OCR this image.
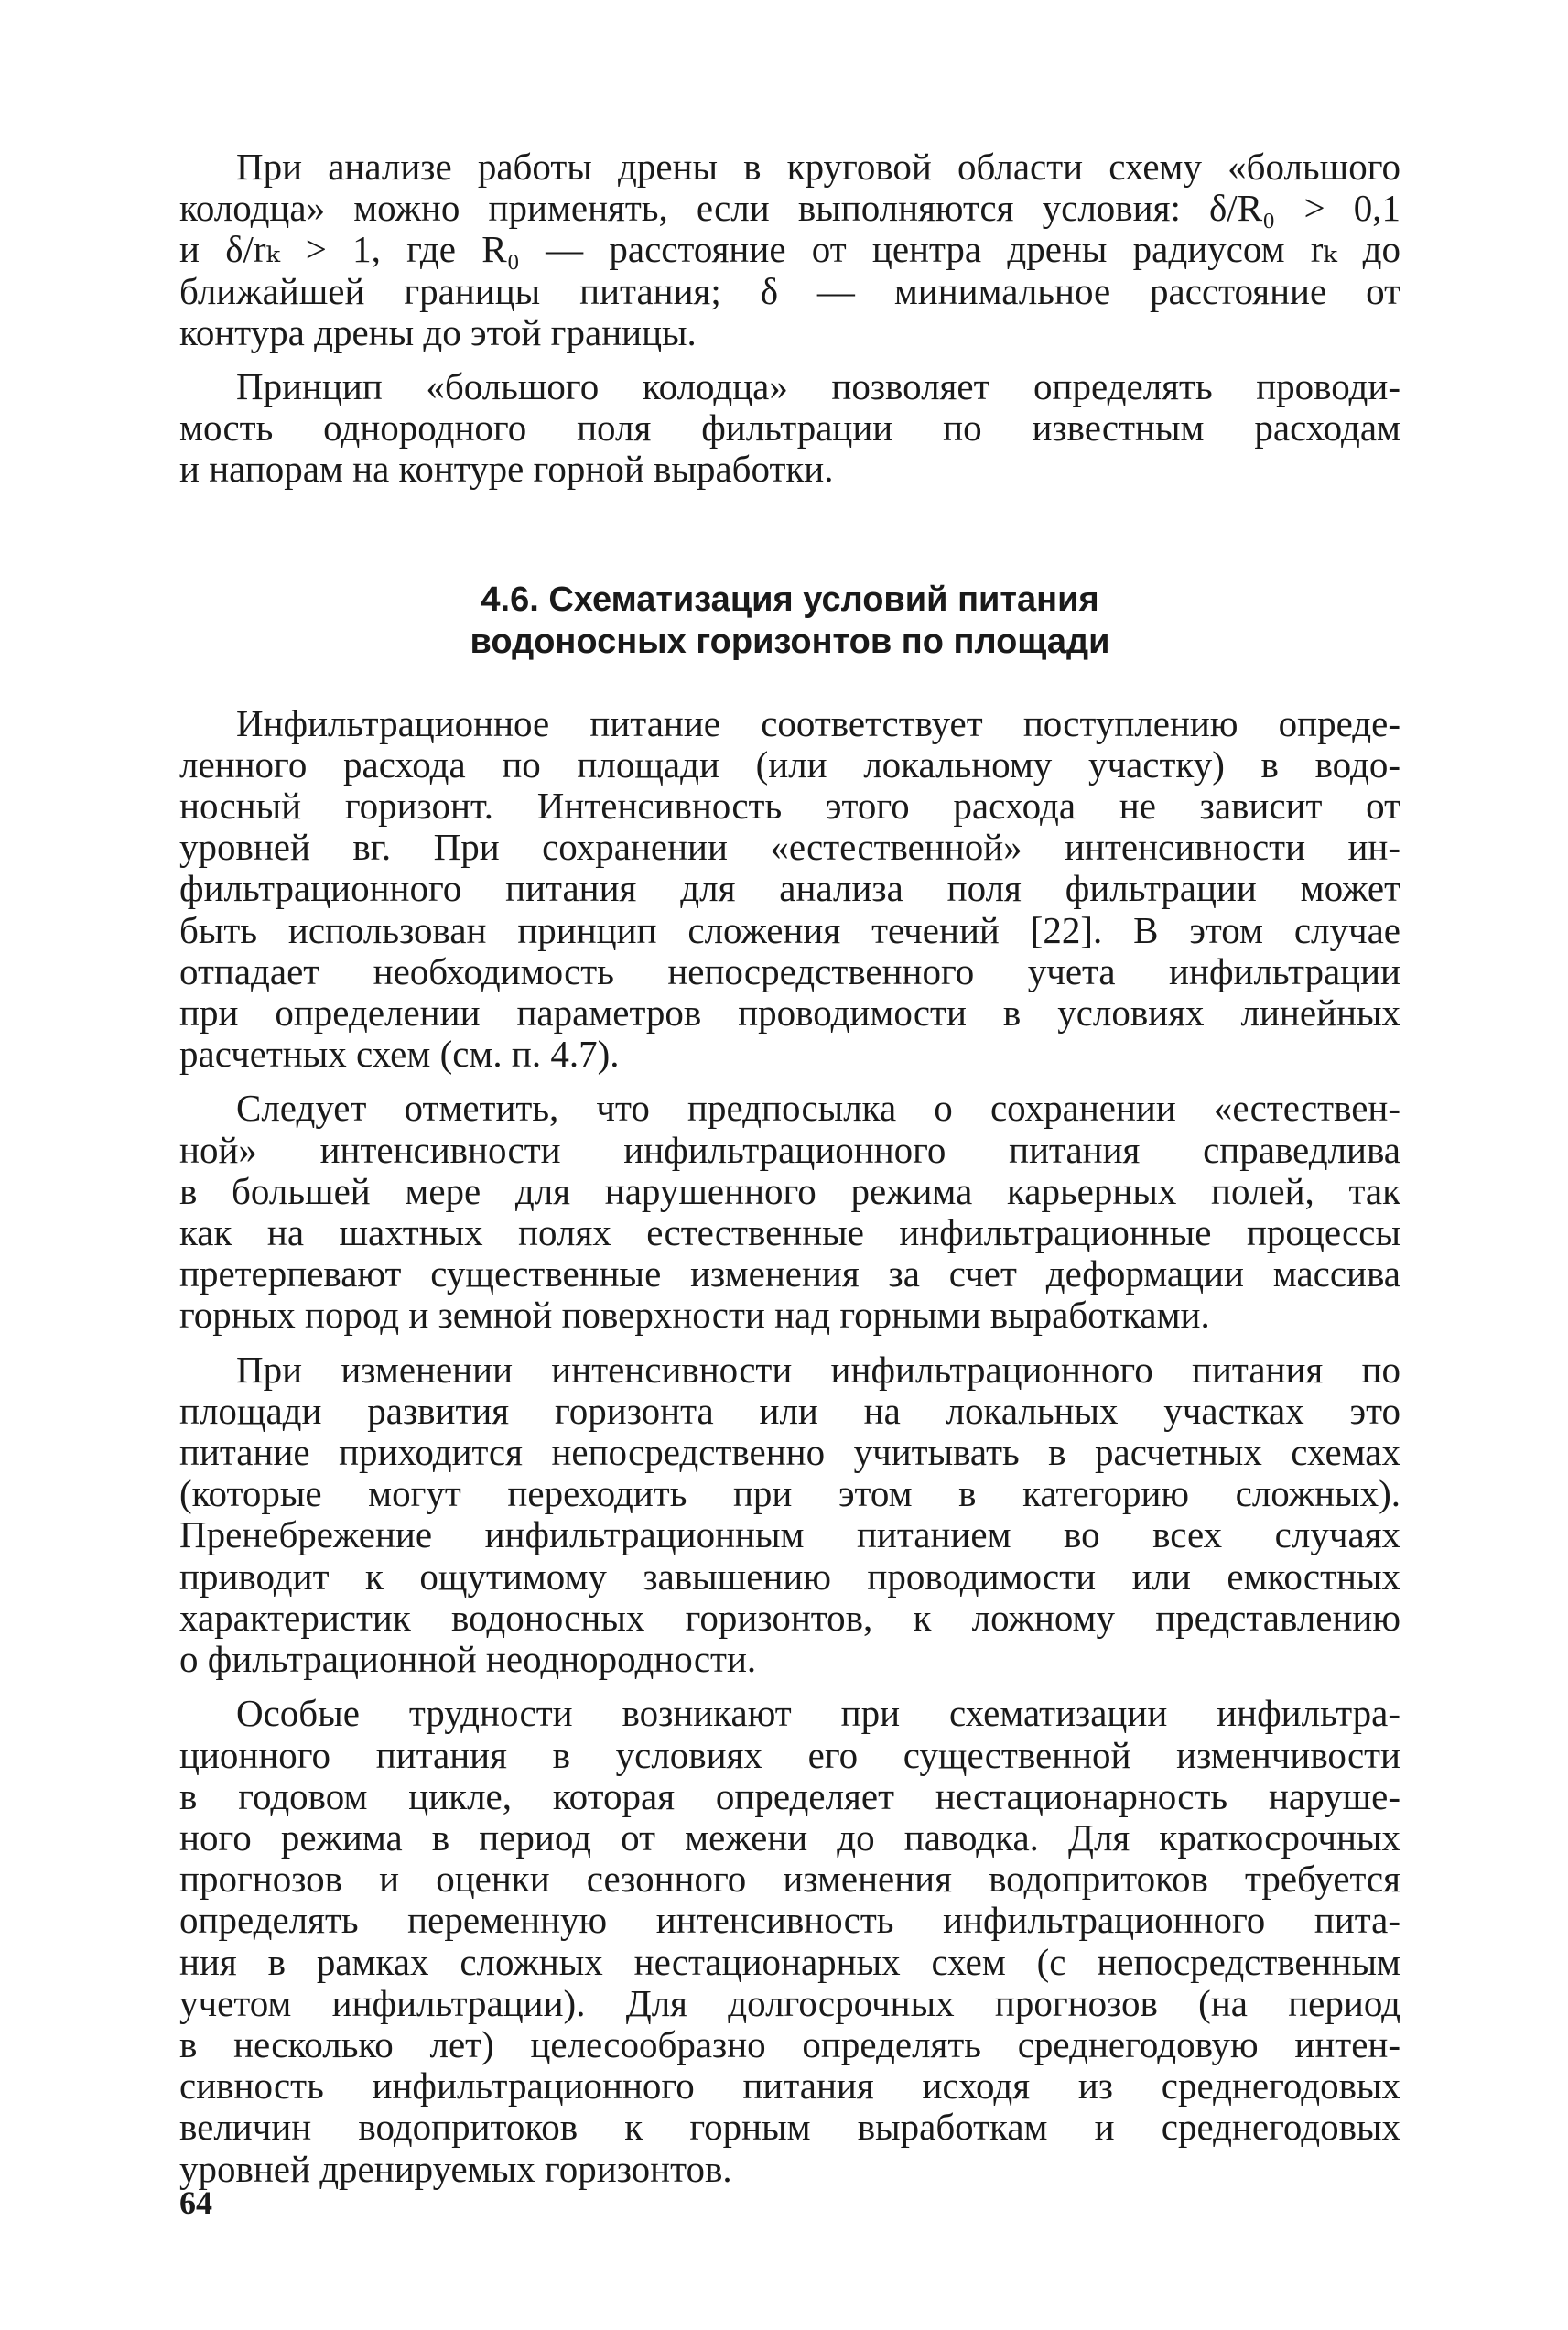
При анализе работы дрены в круговой области схему «большого
колодца» можно применять, если выполняются условия: δ/R₀ > 0,1
и δ/rₖ > 1, где R₀ — расстояние от центра дрены радиусом rₖ до
ближайшей границы питания; δ — минимальное расстояние от
контура дрены до этой границы.

Принцип «большого колодца» позволяет определять проводи-
мость однородного поля фильтрации по известным расходам
и напорам на контуре горной выработки.

4.6. Схематизация условий питания
водоносных горизонтов по площади

Инфильтрационное питание соответствует поступлению опреде-
ленного расхода по площади (или локальному участку) в водо-
носный горизонт. Интенсивность этого расхода не зависит от
уровней вг. При сохранении «естественной» интенсивности ин-
фильтрационного питания для анализа поля фильтрации может
быть использован принцип сложения течений [22]. В этом случае
отпадает необходимость непосредственного учета инфильтрации
при определении параметров проводимости в условиях линейных
расчетных схем (см. п. 4.7).

Следует отметить, что предпосылка о сохранении «естествен-
ной» интенсивности инфильтрационного питания справедлива
в большей мере для нарушенного режима карьерных полей, так
как на шахтных полях естественные инфильтрационные процессы
претерпевают существенные изменения за счет деформации массива
горных пород и земной поверхности над горными выработками.

При изменении интенсивности инфильтрационного питания по
площади развития горизонта или на локальных участках это
питание приходится непосредственно учитывать в расчетных схемах
(которые могут переходить при этом в категорию сложных).
Пренебрежение инфильтрационным питанием во всех случаях
приводит к ощутимому завышению проводимости или емкостных
характеристик водоносных горизонтов, к ложному представлению
о фильтрационной неоднородности.

Особые трудности возникают при схематизации инфильтра-
ционного питания в условиях его существенной изменчивости
в годовом цикле, которая определяет нестационарность наруше-
ного режима в период от межени до паводка. Для краткосрочных
прогнозов и оценки сезонного изменения водопритоков требуется
определять переменную интенсивность инфильтрационного пита-
ния в рамках сложных нестационарных схем (с непосредственным
учетом инфильтрации). Для долгосрочных прогнозов (на период
в несколько лет) целесообразно определять среднегодовую интен-
сивность инфильтрационного питания исходя из среднегодовых
величин водопритоков к горным выработкам и среднегодовых
уровней дренируемых горизонтов.

64
